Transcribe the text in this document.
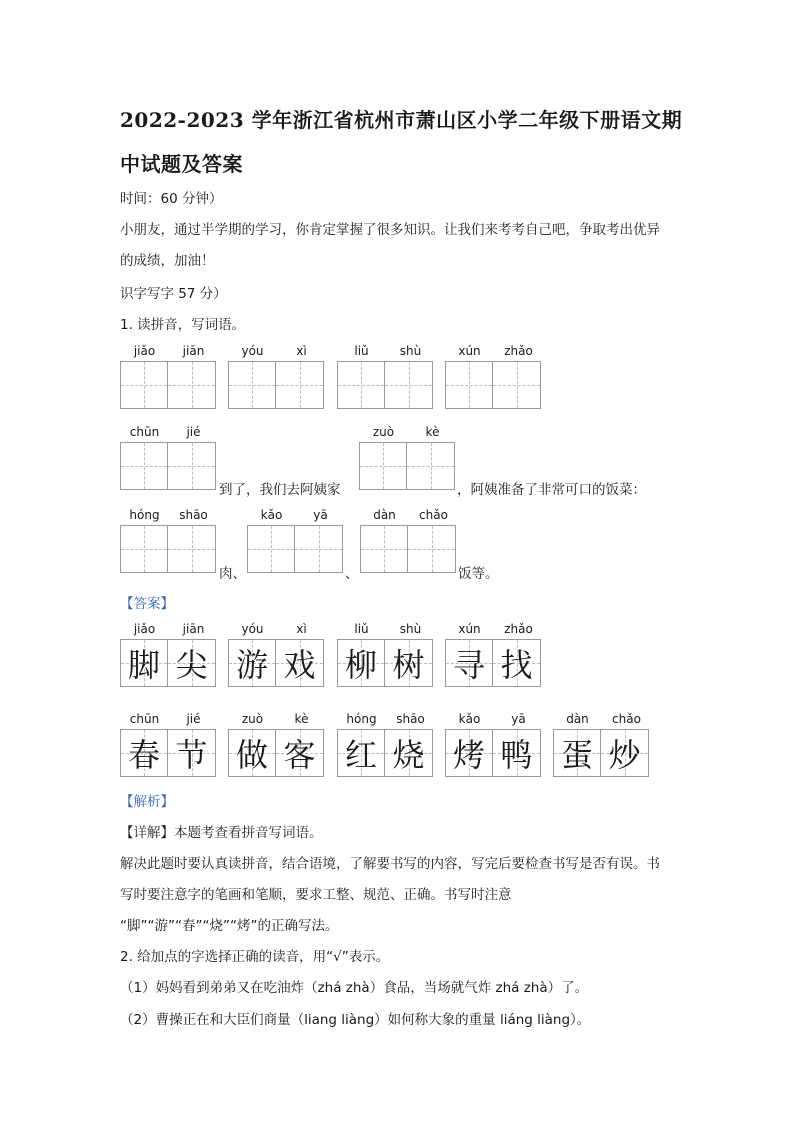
2022-2023 学年浙江省杭州市萧山区小学二年级下册语文期
中试题及答案
时间：60 分钟）
小朋友，通过半学期的学习，你肯定掌握了很多知识。让我们来考考自己吧，争取考出优异
的成绩，加油！
识字写字 57 分）
1. 读拼音，写词语。
jiǎo	jiān	yóu	xì	liǔ	shù	xún	zhǎo
chūn	jié
到了，我们去阿姨家
zuò	kè
，阿姨准备了非常可口的饭菜：
hóng	shāo
肉、
kǎo	yā
、
dàn	chǎo
饭等。
【答案】
jiǎo	jiān
脚 尖
yóu	xì
游 戏
liǔ	shù
柳 树
xún	zhǎo
寻 找
chūn	jié
春 节
zuò	kè
做 客
hóng	shāo
红 烧
kǎo	yā
烤 鸭
dàn	chǎo
蛋 炒
【解析】
【详解】本题考查看拼音写词语。
解决此题时要认真读拼音，结合语境，了解要书写的内容，写完后要检查书写是否有误。书
写时要注意字的笔画和笔顺，要求工整、规范、正确。书写时注意
“脚”“游”“春”“烧”“烤”的正确写法。
2. 给加点的字选择正确的读音，用“√”表示。
（1）妈妈看到弟弟又在吃油炸（zhá zhà）食品，当场就气炸 zhá zhà）了。
（2）曹操正在和大臣们商量（liang liàng）如何称大象的重量 liáng liàng）。
